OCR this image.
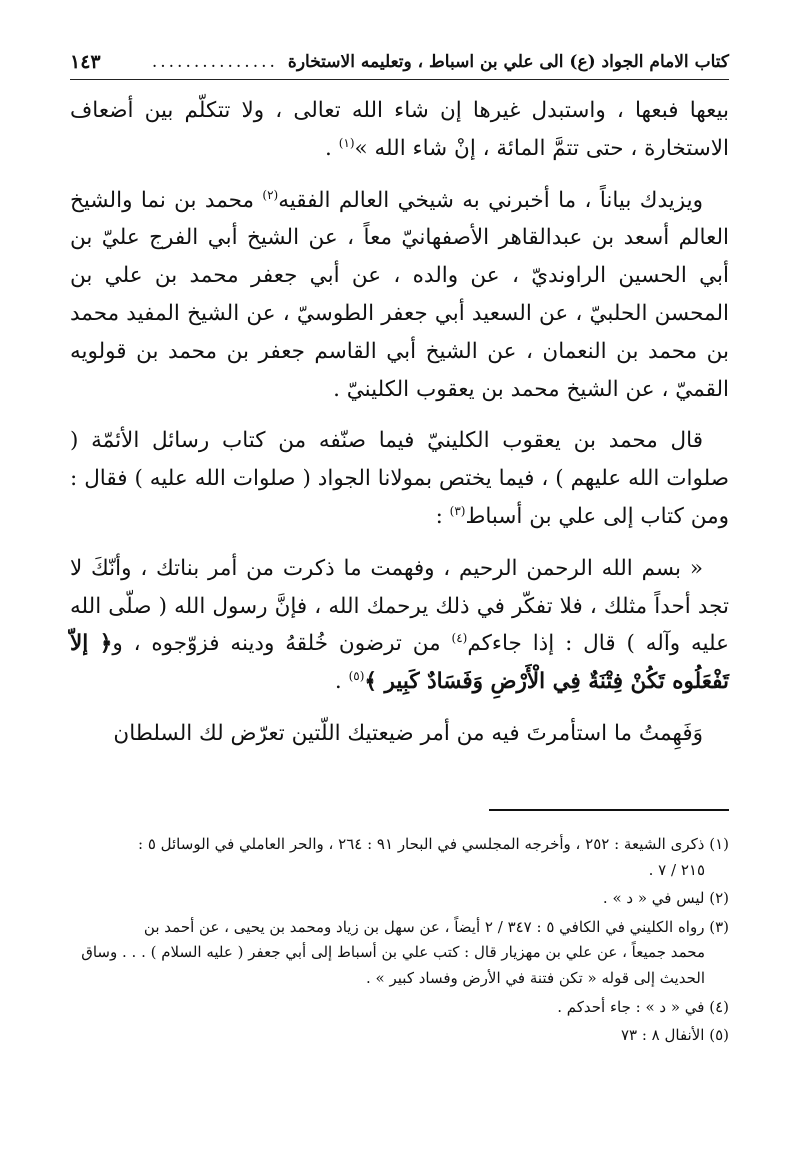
كتاب الامام الجواد (ع) الى علي بن اسباط ، وتعليمه الاستخارة
...............
١٤٣

بيعها فبعها ، واستبدل غيرها إن شاء الله تعالى ، ولا تتكلّم بين أضعاف الاستخارة ، حتى تتمَّ المائة ، إنْ شاء الله »$^{(١)}$ .

ويزيدك بياناً ، ما أخبرني به شيخي العالم الفقيه$^{(٢)}$ محمد بن نما والشيخ العالم أسعد بن عبدالقاهر الأصفهانيّ معاً ، عن الشيخ أبي الفرج عليّ بن أبي الحسين الراونديّ ، عن والده ، عن أبي جعفر محمد بن علي بن المحسن الحلبيّ ، عن السعيد أبي جعفر الطوسيّ ، عن الشيخ المفيد محمد بن محمد بن النعمان ، عن الشيخ أبي القاسم جعفر بن محمد بن قولويه القميّ ، عن الشيخ محمد بن يعقوب الكلينيّ .

قال محمد بن يعقوب الكلينيّ فيما صنّفه من كتاب رسائل الأئمّة ( صلوات الله عليهم ) ، فيما يختص بمولانا الجواد ( صلوات الله عليه ) فقال : ومن كتاب إلى علي بن أسباط$^{(٣)}$ :

« بسم الله الرحمن الرحيم ، وفهمت ما ذكرت من أمر بناتك ، وأنّكَ لا تجد أحداً مثلك ، فلا تفكّر في ذلك يرحمك الله ، فإنَّ رسول الله ( صلّى الله عليه وآله ) قال : إذا جاءكم$^{(٤)}$ من ترضون خُلقهُ ودينه فزوّجوه ، و﴿ إلاّ تَفْعَلُوه تَكُنْ فِتْنَةٌ فِي الْأَرْضِ وَفَسَادٌ كَبِير ﴾$^{(٥)}$ .

وَفَهِمتُ ما استأمرتَ فيه من أمر ضيعتيك اللّتين تعرّض لك السلطان

(١) ذكرى الشيعة : ٢٥٢ ، وأخرجه المجلسي في البحار ٩١ : ٢٦٤ ، والحر العاملي في الوسائل ٥ :
٢١٥ / ٧ .
(٢) ليس في « د » .
(٣) رواه الكليني في الكافي ٥ : ٣٤٧ / ٢ أيضاً ، عن سهل بن زياد ومحمد بن يحيى ، عن أحمد بن
محمد جميعاً ، عن علي بن مهزيار قال : كتب علي بن أسباط إلى أبي جعفر ( عليه السلام ) . . . وساق الحديث إلى قوله « تكن فتنة في الأرض وفساد كبير » .
(٤) في « د » : جاء أحدكم .
(٥) الأنفال ٨ : ٧٣
